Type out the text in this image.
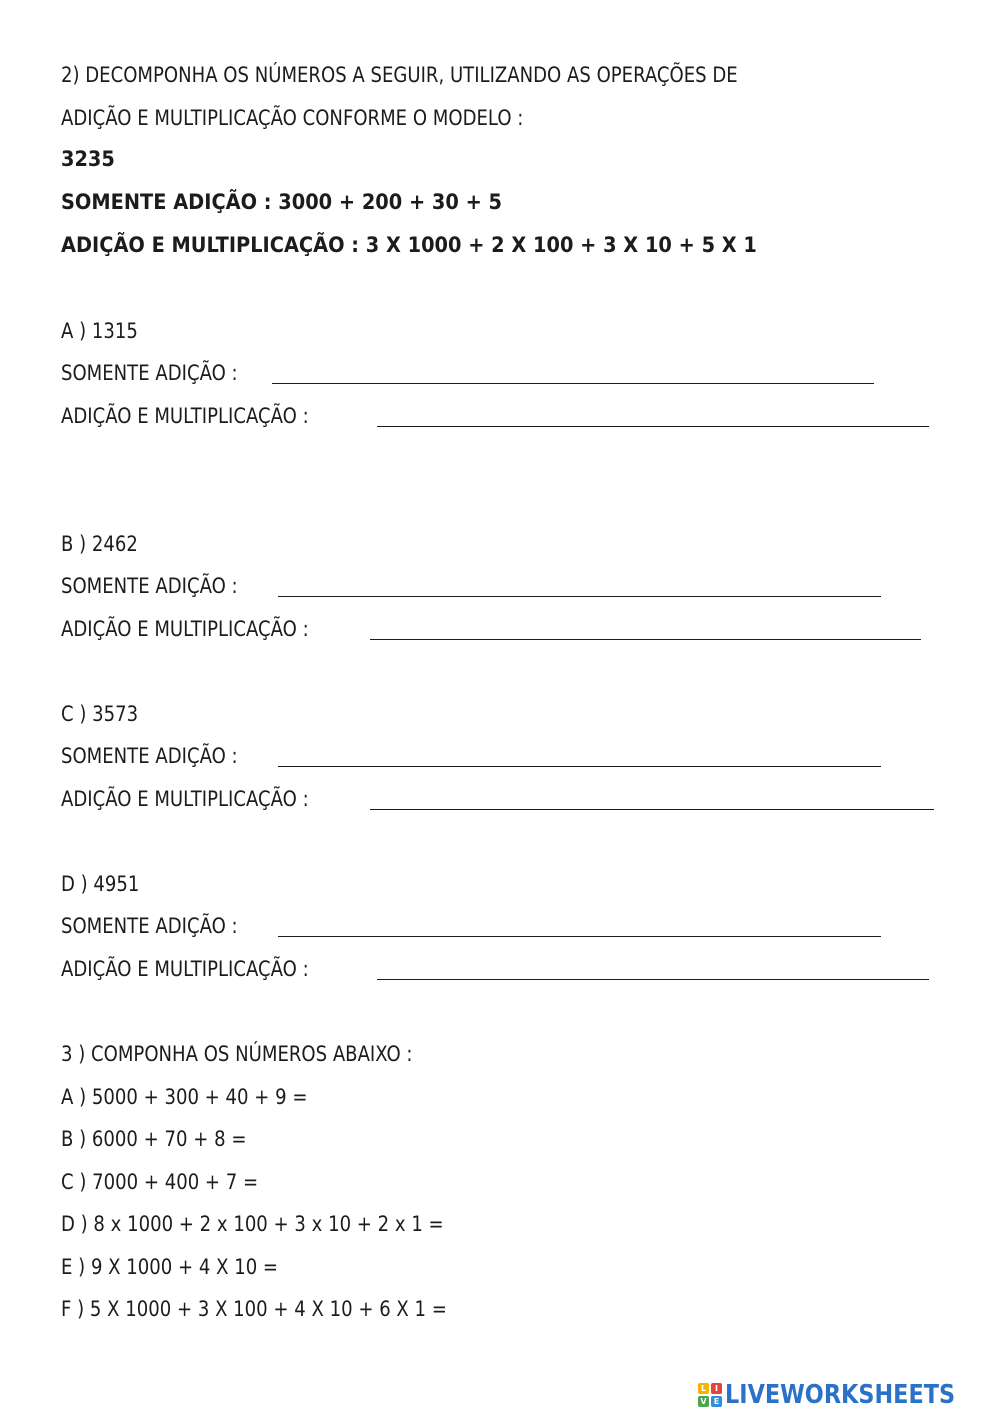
2) DECOMPONHA OS NÚMEROS A SEGUIR, UTILIZANDO AS OPERAÇÕES DE
ADIÇÃO E MULTIPLICAÇÃO CONFORME O MODELO :
3235
SOMENTE ADIÇÃO : 3000 + 200 + 30 + 5
ADIÇÃO E MULTIPLICAÇÃO : 3 X 1000 + 2 X 100 + 3 X 10 + 5 X 1
A ) 1315
SOMENTE ADIÇÃO :
ADIÇÃO E MULTIPLICAÇÃO :
B ) 2462
SOMENTE ADIÇÃO :
ADIÇÃO E MULTIPLICAÇÃO :
C ) 3573
SOMENTE ADIÇÃO :
ADIÇÃO E MULTIPLICAÇÃO :
D ) 4951
SOMENTE ADIÇÃO :
ADIÇÃO E MULTIPLICAÇÃO :
3 ) COMPONHA OS NÚMEROS ABAIXO :
A ) 5000 + 300 + 40 + 9 =
B ) 6000 + 70 + 8 =
C ) 7000 + 400 + 7 =
D ) 8 x 1000 + 2 x 100 + 3 x 10 + 2 x 1 =
E ) 9 X 1000 + 4 X 10 =
F ) 5 X 1000 + 3 X 100 + 4 X 10 + 6 X 1 =
L	I
V E LIVEWORKSHEETS
